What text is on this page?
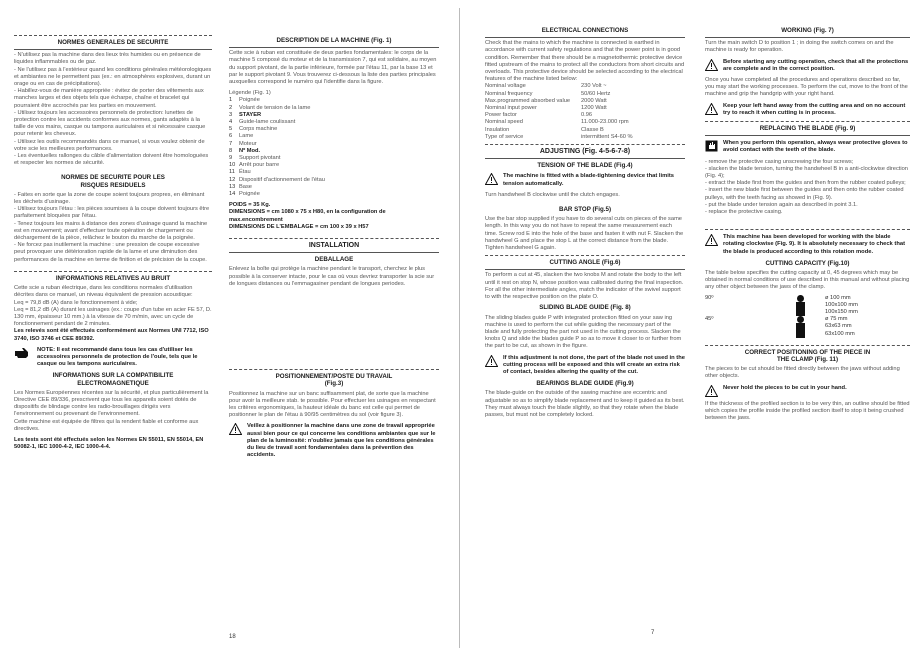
NORMES GENERALES DE SECURITE
- N'utilisez pas la machine dans des lieux très humides ou en présence de liquides inflammables ou de gaz.
- Ne l'utilisez pas à l'extérieur quand les conditions générales météorologiques et ambiantes ne le permettent pas (ex.: en atmosphères explosives, durant un orage ou en cas de précipitations).
- Habillez-vous de manière appropriée : évitez de porter des vêtements aux manches larges et des objets tels que écharpe, chaîne et bracelet qui pourraient être accrochés par les parties en mouvement.
- Utilisez toujours les accessoires personnels de protection: lunettes de protection contre les accidents conformes aux normes, gants adaptés à la taille de vos mains, casque ou tampons auriculaires et si nécessaire casque pour retenir les cheveux.
- Utilisez les outils recommandés dans ce manuel, si vous voulez obtenir de votre scie les meilleures performances.
- Les éventuelles rallonges du câble d'alimentation doivent être homologuées et respecter les normes de sécurité.
NORMES DE SECURITE POUR LES
RISQUES RESIDUELS
- Faites en sorte que la zone de coupe soient toujours propres, en éliminant les déchets d'usinage.
- Utilisez toujours l'étau : les pièces soumises à la coupe doivent toujours être parfaitement bloquées par l'étau.
- Tenez toujours les mains à distance des zones d'usinage quand la machine est en mouvement; avant d'effectuer toute opération de chargement ou déchargement de la pièce, relâchez le bouton du marche de la poignée.
- Ne forcez pas inutilement la machine : une pression de coupe excessive peut provoquer une détérioration rapide de la lame et une diminution des performances de la machine en terme de finition et de précision de la coupe.
INFORMATIONS RELATIVES AU BRUIT

Cette scie a ruban électrique, dans les conditions normales d'utilisation décrites dans ce manuel, un niveau équivalent de pression acoustique:

Leq = 79,8 dB (A) dans le fonctionnement à vide;

Leq = 81,2 dB (A) durant les usinages (ex.: coupe d'un tube en acier FE 57, D. 130 mm, épaisseur 10 mm.) à la vitesse de 70 m/min, avec un cycle de fonctionnement pendant de 2 minutes.

Les relevés sont été effectués conformément aux Normes UNI 7712, ISO 3740, ISO 3746 et CEE 89/392.

NOTE: Il est recommandé dans tous les cas d'utiliser les accessoires personnels de protection de l'ouïe, tels que le casque ou les tampons auriculaires.
INFORMATIONS SUR LA COMPATIBILITE
ELECTROMAGNETIQUE

Les Normes Européennes récentes sur la sécurité, et plus particulièrement la Directive CEE 89/336, prescrivent que tous les appareils soient dotés de dispositifs de blindage contre les radio-brouillages dirigés vers l'environnement ou provenant de l'environnement.

Cette machine est équipée de filtres qui la rendent fiable et conforme aux directives.

Les tests sont été effectués selon les Normes EN 55011, EN 55014, EN 50082-1, IEC 1000-4-2, IEC 1000-4-4.

DESCRIPTION DE LA MACHINE (Fig. 1)

Cette scie à ruban est constituée de deux parties fondamentales: le corps de la machine 5 composé du moteur et de la transmission 7, qui est solidaire, au moyen du support pivotant, de la partie inférieure, formée par l'étau 11, par la base 13 et par le support pivotant 9. Vous trouverez ci-dessous la liste des parties principales auxquelles correspond le numéro qui l'identifie dans la figure.

Légende (Fig. 1)

1	Poignée
2	Volant de tension de la lame
3	STAYER
4	Guide-lame coulissant
5	Corps machine
6	Lame
7	Moteur
8	Nº Mod.
9	Support pivotant
10 Arrêt pour barre
11 Étau
12 Dispositif d'actionnement de l'étau
13 Base
14 Poignée

POIDS = 35 Kg.

DIMENSIONS = cm 1080 x 75 x H80, en la configuration de max.encombrement

DIMENSIONS DE L'EMBALAGE = cm 100 x 39 x H57

INSTALLATION
DEBALLAGE

Enlevez la boîte qui protège la machine pendant le transport, cherchez le plus possible à la conserver intacte, pour le cas où vous devriez transporter la scie sur de longues distances ou l'emmagasiner pendant de longues periodes.

POSITIONNEMENT/POSTE DU TRAVAIL
(Fig.3)

Positionnez la machine sur un banc suffisamment plat, de sorte que la machine pour avoir la meilleure stab. te possible. Pour effectuer les usinages en respectant les critères ergonomiques, la hauteur idéale du banc est celle qui permet de positionner le plan de l'étau à 90/95 centimètres du sol (voir figure 3).

Veillez à positionner la machine dans une zone de travail appropriée aussi bien pour ce qui concerne les conditions ambiantes que sur le plan de la luminosité: n'oubliez jamais que les conditions générales du lieu de travail sont fondamentales dans la prévention des accidents.
18
ELECTRICAL CONNECTIONS

Check that the mains to which the machine is connected is earthed in accordance with current safety regulations and that the power point is in good condition. Remember that there should be a magnetothermic protective device fitted upstream of the mains to protect all the conductors from short circuits and overloads. This protective device should be selected according to the electrical features of the machine listed below:

Nominal voltage	230 Volt ~
Nominal frequency	50/60 Hertz
Max.programmed absorbed value	2000 Watt
Nominal input power	1200 Watt
Power factor	0.96
Nominal speed	11.000-23.000 rpm
Insulation	Classe B
Type of service	intermittent S4-60 %
ADJUSTING (Fig. 4-5-6-7-8)
TENSION OF THE BLADE (Fig.4)
The machine is fitted with a blade-tightening device that limits tension automatically.

Turn handwheel B clockwise until the clutch engages.

BAR STOP (Fig.5)

Use the bar stop supplied if you have to do several cuts on pieces of the same length. In this way you do not have to repeat the same measurement each time. Screw rod E into the hole of the base and fasten it with nut F. Slacken the handwheel G and place the stop L at the correct distance from the blade. Tighten handwheel G again.

CUTTING ANGLE (Fig.6)

To perform a cut at 45, slacken the two knobs M and rotate the body to the left until it rest on stop N, whose position was calibrated during the final inspection. For all the other intermediate angles, match the indicator of the swivel support to with the respective position on the plate O.

SLIDING BLADE GUIDE (Fig. 8)

The sliding blades guide P with integrated protection fitted on your saw ing machine is used to perform the cut while guiding the necessary part of the blade and fully protecting the part not used in the cutting process. Slacken the knobs Q and slide the blades guide P so as to move it closer to or further from the part to be cut, as shown in the figure.

If this adjustment is not done, the part of the blade not used in the cutting process will be exposed and this will create an extra risk of contact, besides altering the quality of the cut.
BEARINGS BLADE GUIDE (Fig.9)

The blade-guide on the outside of the sawing machine are eccentric and adjustable so as to simplify blade replacement and to keep it guided as its best. They must always touch the blade slightly, so that they rotate when the blade passes, but must not be completely locked.

WORKING (Fig. 7)

Turn the main switch D to position 1 ; in doing the switch comes on and the machine is ready for operation.

Before starting any cutting operation, check that all the protections are complete and in the correct position.

Once you have completed all the procedures and operations described so far, you may start the working processes. To perform the cut, move to the front of the machine and grip the handgrip with your right hand.

Keep your left hand away from the cutting area and on no account try to reach it when cutting is in process.
REPLACING THE BLADE (Fig. 9)
When you perform this operation, always wear protective gloves to avoid contact with the teeth of the blade.
- remove the protective casing unscrewing the four screws;
- slacken the blade tension, turning the handwheel B in a anti-clockwise direction (Fig. 4);
- extract the blade first from the guides and then from the rubber coated pulleys;
- insert the new blade first between the guides and then onto the rubber coated pulleys, with the teeth facing as showed in (Fig. 9).
- put the blade under tension again as described in point 3.1.
- replace the protective casing.
This machine has been developed for working with the blade rotating clockwise (Fig. 9). It is absolutely necessary to check that the blade is produced according to this rotation mode.
CUTTING CAPACITY (Fig.10)

The table below specifies the cutting capacity at 0, 45 degrees which may be obtained in normal conditions of use described in this manual and without placing any other object between the jaws of the clamp.

90º	ø 100 mm
100x100 mm
100x150 mm
45º	ø 75 mm
63x63 mm
63x100 mm
CORRECT POSITIONING OF THE PIECE IN
THE CLAMP (Fig. 11)

The pieces to be cut should be fitted directly between the jaws without adding other objects.

Never hold the pieces to be cut in your hand.

If the thickness of the profiled section is to be very thin, an outline should be fitted which copies the profile inside the profiled section itself to stop it being crushed between the jaws.

7
